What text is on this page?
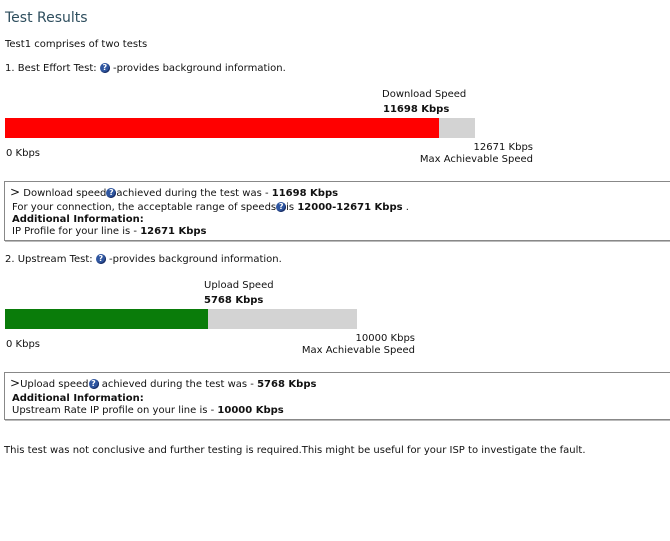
Test Results
Test1 comprises of two tests
1. Best Effort Test: ? -provides background information.
Download Speed
11698 Kbps
0 Kbps
12671 Kbps
Max Achievable Speed
> Download speed ? achieved during the test was - 11698 Kbps
For your connection, the acceptable range of speeds ? is 12000-12671 Kbps .
Additional Information:
IP Profile for your line is - 12671 Kbps
2. Upstream Test: ? -provides background information.
Upload Speed
5768 Kbps
0 Kbps
10000 Kbps
Max Achievable Speed
>Upload speed ? achieved during the test was - 5768 Kbps
Additional Information:
Upstream Rate IP profile on your line is - 10000 Kbps
This test was not conclusive and further testing is required.This might be useful for your ISP to investigate the fault.
